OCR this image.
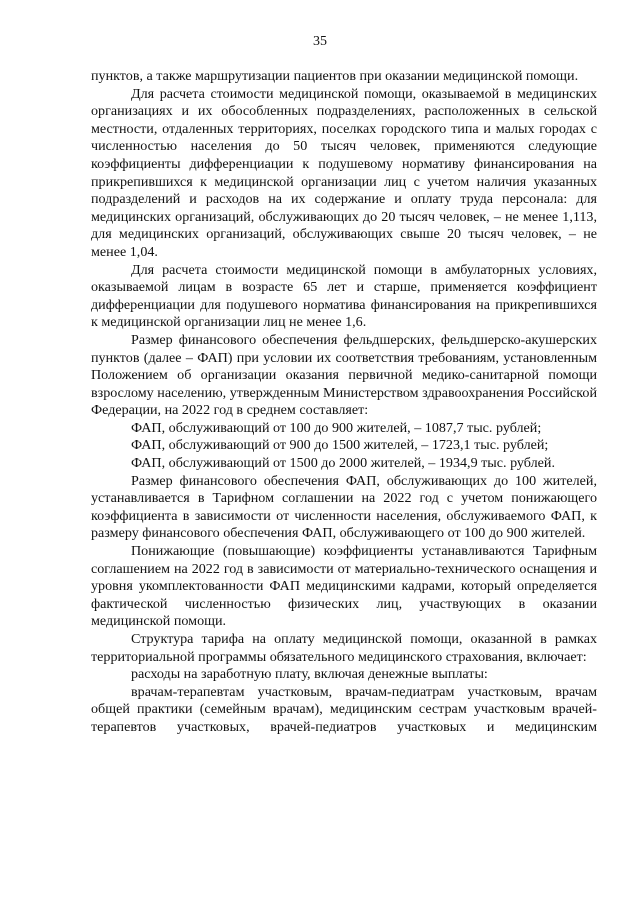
35

пунктов, а также маршрутизации пациентов при оказании медицинской помощи.

Для расчета стоимости медицинской помощи, оказываемой в медицинских организациях и их обособленных подразделениях, расположенных в сельской местности, отдаленных территориях, поселках городского типа и малых городах с численностью населения до 50 тысяч человек, применяются следующие коэффициенты дифференциации к подушевому нормативу финансирования на прикрепившихся к медицинской организации лиц с учетом наличия указанных подразделений и расходов на их содержание и оплату труда персонала: для медицинских организаций, обслуживающих до 20 тысяч человек, – не менее 1,113, для медицинских организаций, обслуживающих свыше 20 тысяч человек, – не менее 1,04.

Для расчета стоимости медицинской помощи в амбулаторных условиях, оказываемой лицам в возрасте 65 лет и старше, применяется коэффициент дифференциации для подушевого норматива финансирования на прикрепившихся к медицинской организации лиц не менее 1,6.

Размер финансового обеспечения фельдшерских, фельдшерско-акушерских пунктов (далее – ФАП) при условии их соответствия требованиям, установленным Положением об организации оказания первичной медико-санитарной помощи взрослому населению, утвержденным Министерством здравоохранения Российской Федерации, на 2022 год в среднем составляет:

ФАП, обслуживающий от 100 до 900 жителей, – 1087,7 тыс. рублей;

ФАП, обслуживающий от 900 до 1500 жителей, – 1723,1 тыс. рублей;

ФАП, обслуживающий от 1500 до 2000 жителей, – 1934,9 тыс. рублей.

Размер финансового обеспечения ФАП, обслуживающих до 100 жителей, устанавливается в Тарифном соглашении на 2022 год с учетом понижающего коэффициента в зависимости от численности населения, обслуживаемого ФАП, к размеру финансового обеспечения ФАП, обслуживающего от 100 до 900 жителей.

Понижающие (повышающие) коэффициенты устанавливаются Тарифным соглашением на 2022 год в зависимости от материально-технического оснащения и уровня укомплектованности ФАП медицинскими кадрами, который определяется фактической численностью физических лиц, участвующих в оказании медицинской помощи.

Структура тарифа на оплату медицинской помощи, оказанной в рамках территориальной программы обязательного медицинского страхования, включает:

расходы на заработную плату, включая денежные выплаты:

врачам-терапевтам участковым, врачам-педиатрам участковым, врачам общей практики (семейным врачам), медицинским сестрам участковым врачей-терапевтов участковых, врачей-педиатров участковых и медицинским
